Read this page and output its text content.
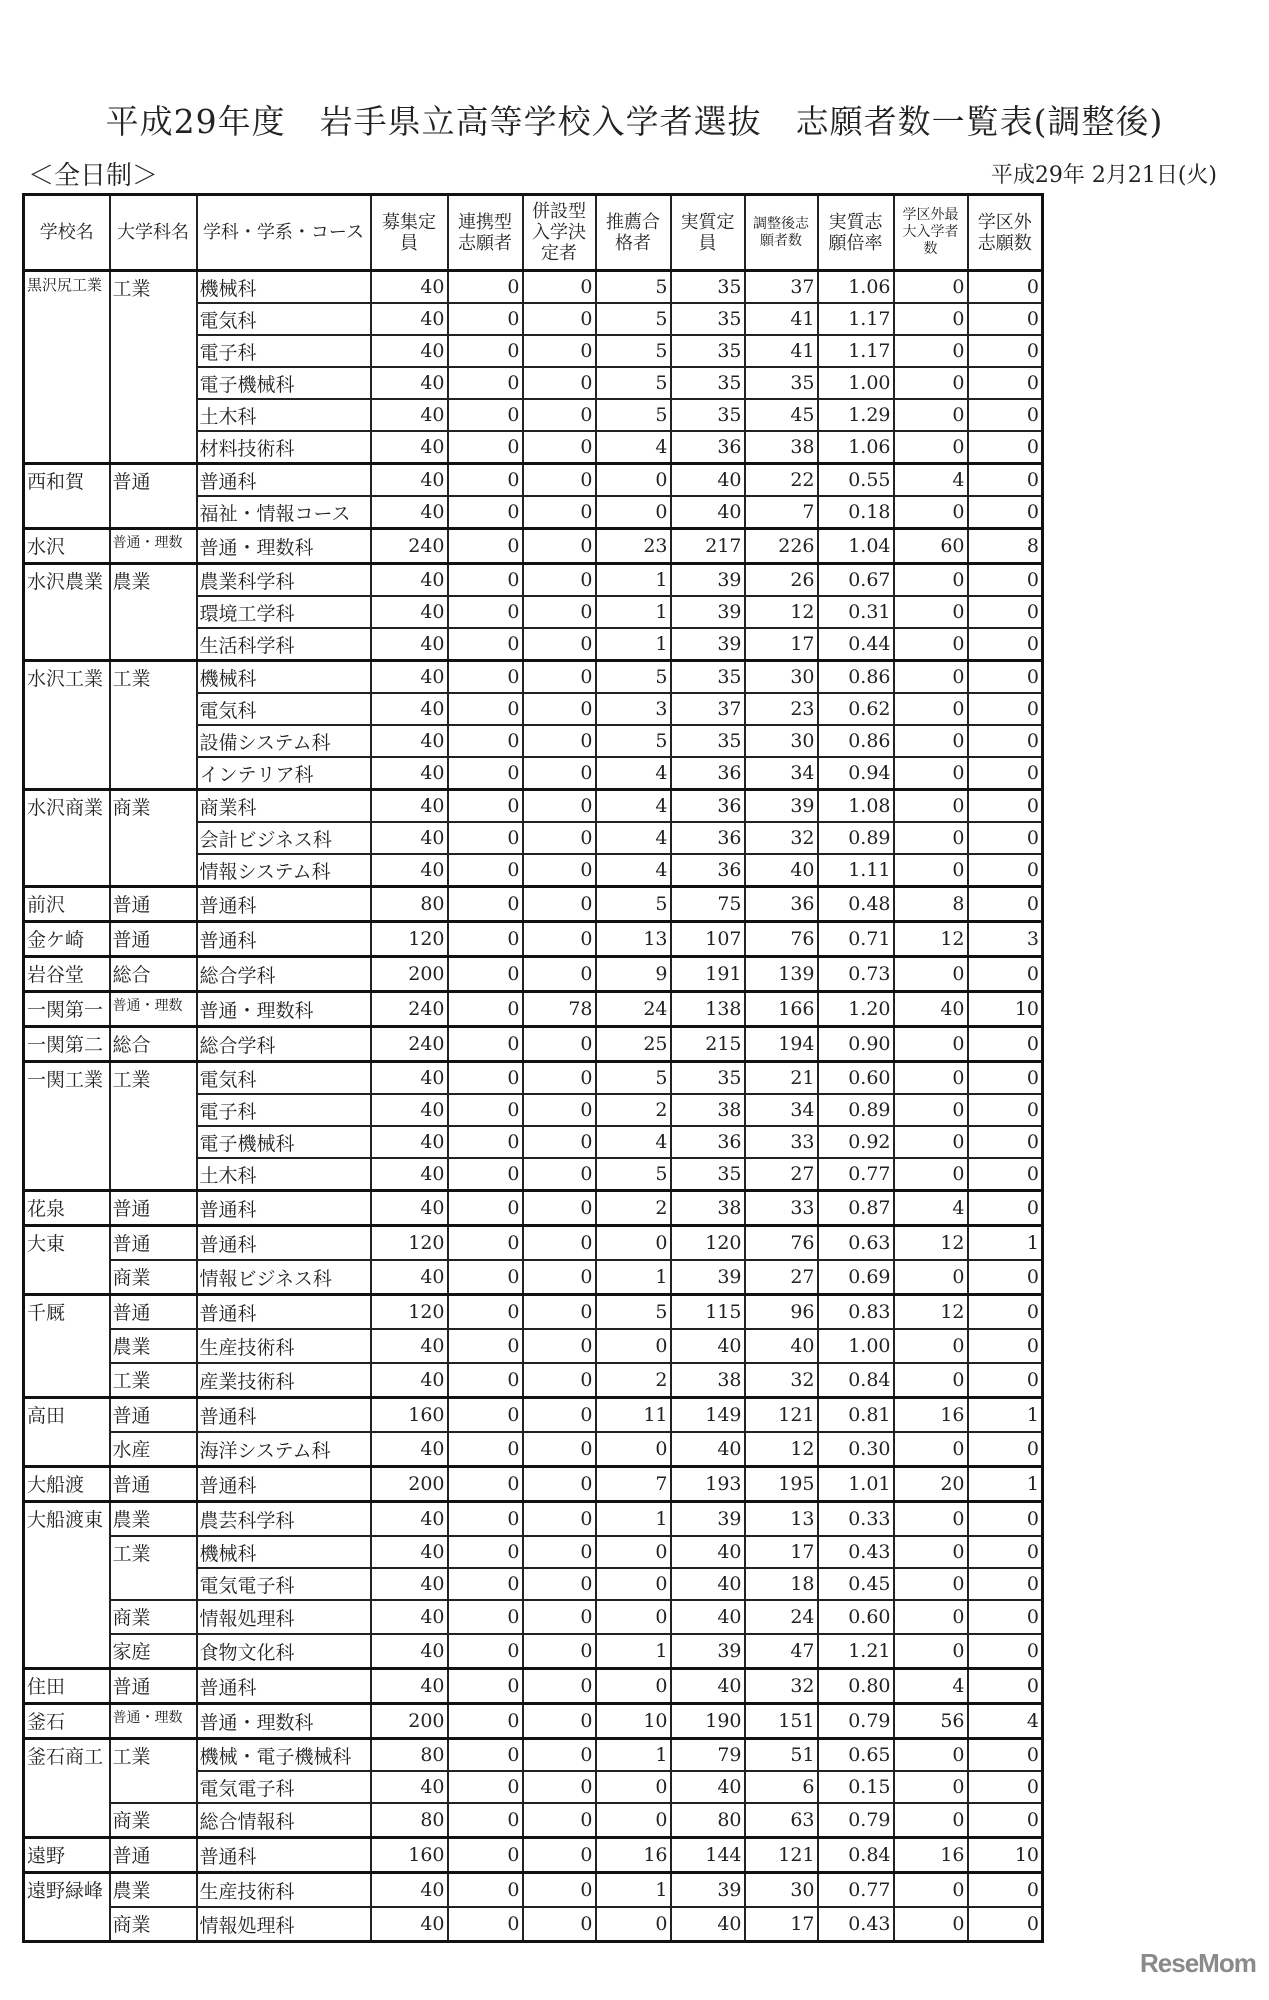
平成29年度　岩手県立高等学校入学者選抜　志願者数一覧表(調整後)
＜全日制＞	平成29年 2月21日(火)
学校名	大学科名	学科・学系・コース	募集定員	連携型志願者	併設型入学決定者	推薦合格者	実質定員	調整後志願者数	実質志願倍率	学区外最大入学者数	学区外志願数
黒沢尻工業	工業	機械科	40	0	0	5	35	37	1.06	0	0
		電気科	40	0	0	5	35	41	1.17	0	0
		電子科	40	0	0	5	35	41	1.17	0	0
		電子機械科	40	0	0	5	35	35	1.00	0	0
		土木科	40	0	0	5	35	45	1.29	0	0
		材料技術科	40	0	0	4	36	38	1.06	0	0
西和賀	普通	普通科	40	0	0	0	40	22	0.55	4	0
		福祉・情報コース	40	0	0	0	40	7	0.18	0	0
水沢	普通・理数	普通・理数科	240	0	0	23	217	226	1.04	60	8
水沢農業	農業	農業科学科	40	0	0	1	39	26	0.67	0	0
		環境工学科	40	0	0	1	39	12	0.31	0	0
		生活科学科	40	0	0	1	39	17	0.44	0	0
水沢工業	工業	機械科	40	0	0	5	35	30	0.86	0	0
		電気科	40	0	0	3	37	23	0.62	0	0
		設備システム科	40	0	0	5	35	30	0.86	0	0
		インテリア科	40	0	0	4	36	34	0.94	0	0
水沢商業	商業	商業科	40	0	0	4	36	39	1.08	0	0
		会計ビジネス科	40	0	0	4	36	32	0.89	0	0
		情報システム科	40	0	0	4	36	40	1.11	0	0
前沢	普通	普通科	80	0	0	5	75	36	0.48	8	0
金ケ崎	普通	普通科	120	0	0	13	107	76	0.71	12	3
岩谷堂	総合	総合学科	200	0	0	9	191	139	0.73	0	0
一関第一	普通・理数	普通・理数科	240	0	78	24	138	166	1.20	40	10
一関第二	総合	総合学科	240	0	0	25	215	194	0.90	0	0
一関工業	工業	電気科	40	0	0	5	35	21	0.60	0	0
		電子科	40	0	0	2	38	34	0.89	0	0
		電子機械科	40	0	0	4	36	33	0.92	0	0
		土木科	40	0	0	5	35	27	0.77	0	0
花泉	普通	普通科	40	0	0	2	38	33	0.87	4	0
大東	普通	普通科	120	0	0	0	120	76	0.63	12	1
	商業	情報ビジネス科	40	0	0	1	39	27	0.69	0	0
千厩	普通	普通科	120	0	0	5	115	96	0.83	12	0
	農業	生産技術科	40	0	0	0	40	40	1.00	0	0
	工業	産業技術科	40	0	0	2	38	32	0.84	0	0
高田	普通	普通科	160	0	0	11	149	121	0.81	16	1
	水産	海洋システム科	40	0	0	0	40	12	0.30	0	0
大船渡	普通	普通科	200	0	0	7	193	195	1.01	20	1
大船渡東	農業	農芸科学科	40	0	0	1	39	13	0.33	0	0
	工業	機械科	40	0	0	0	40	17	0.43	0	0
		電気電子科	40	0	0	0	40	18	0.45	0	0
	商業	情報処理科	40	0	0	0	40	24	0.60	0	0
	家庭	食物文化科	40	0	0	1	39	47	1.21	0	0
住田	普通	普通科	40	0	0	0	40	32	0.80	4	0
釜石	普通・理数	普通・理数科	200	0	0	10	190	151	0.79	56	4
釜石商工	工業	機械・電子機械科	80	0	0	1	79	51	0.65	0	0
		電気電子科	40	0	0	0	40	6	0.15	0	0
	商業	総合情報科	80	0	0	0	80	63	0.79	0	0
遠野	普通	普通科	160	0	0	16	144	121	0.84	16	10
遠野緑峰	農業	生産技術科	40	0	0	1	39	30	0.77	0	0
	商業	情報処理科	40	0	0	0	40	17	0.43	0	0
ReseMom
